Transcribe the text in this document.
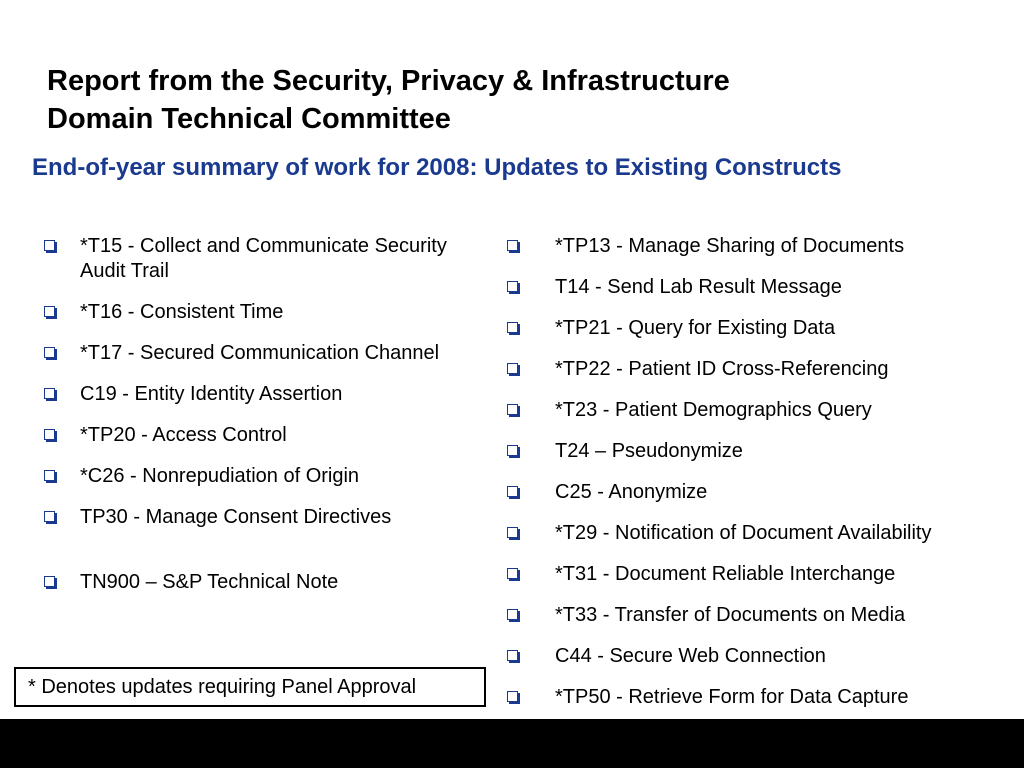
Report from the Security, Privacy & Infrastructure
Domain Technical Committee
End-of-year summary of work for 2008: Updates to Existing Constructs
*T15 - Collect and Communicate Security Audit Trail
*T16 - Consistent Time
*T17 - Secured Communication Channel
C19 - Entity Identity Assertion
*TP20 - Access Control
*C26 - Nonrepudiation of Origin
TP30 - Manage Consent Directives
TN900 – S&P Technical Note
*TP13 - Manage Sharing of Documents
T14 - Send Lab Result Message
*TP21 - Query for Existing Data
*TP22 - Patient ID Cross-Referencing
*T23 - Patient Demographics Query
T24 – Pseudonymize
C25 - Anonymize
*T29 - Notification of Document Availability
*T31 - Document Reliable Interchange
*T33 - Transfer of Documents on Media
C44 - Secure Web Connection
*TP50 - Retrieve Form for Data Capture
* Denotes updates requiring Panel Approval
